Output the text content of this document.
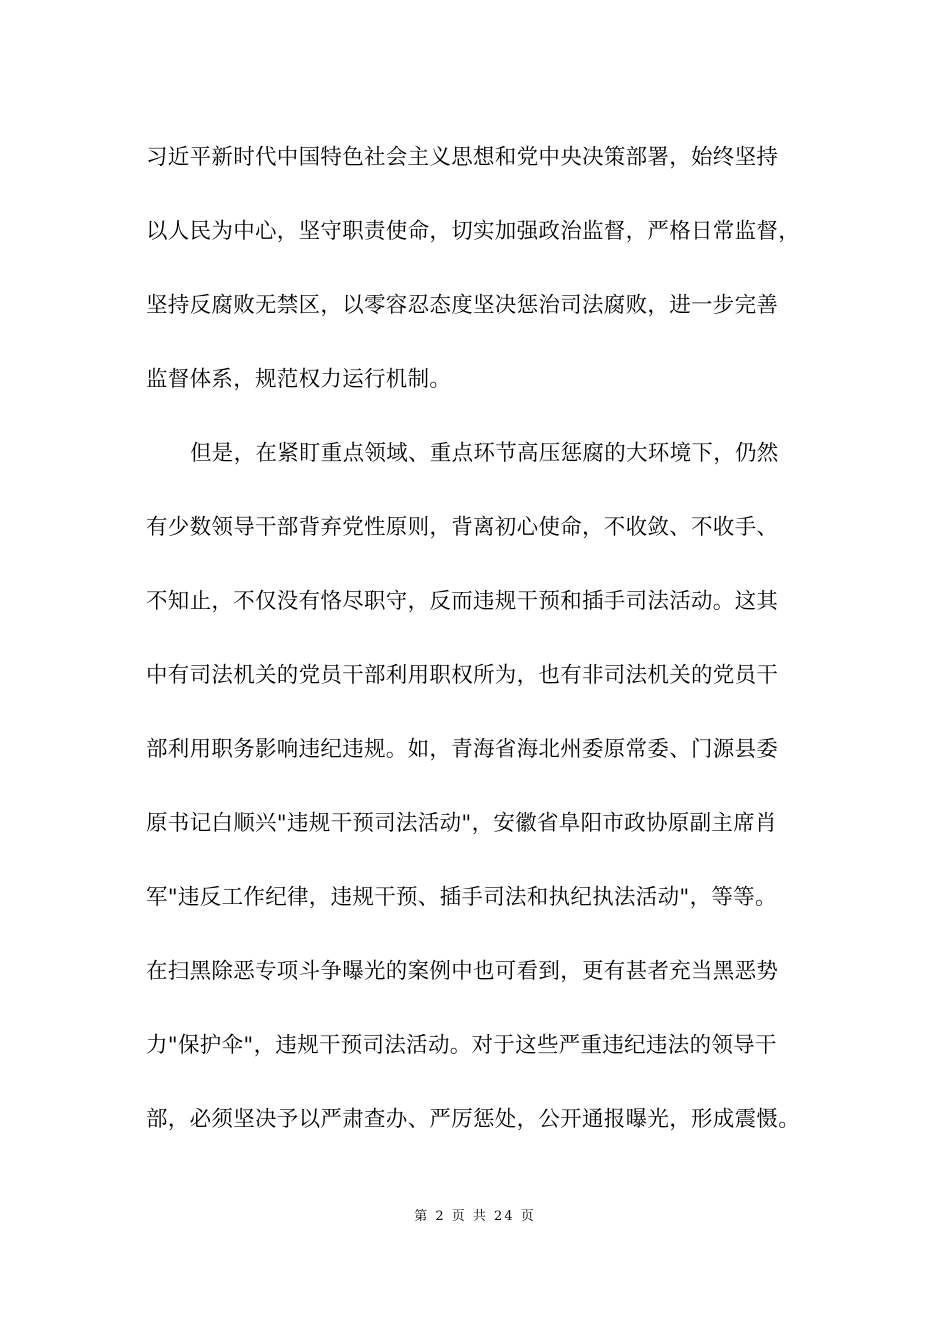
习近平新时代中国特色社会主义思想和党中央决策部署，始终坚持
以人民为中心，坚守职责使命，切实加强政治监督，严格日常监督，
坚持反腐败无禁区，以零容忍态度坚决惩治司法腐败，进一步完善
监督体系，规范权力运行机制。
但是，在紧盯重点领域、重点环节高压惩腐的大环境下，仍然
有少数领导干部背弃党性原则，背离初心使命，不收敛、不收手、
不知止，不仅没有恪尽职守，反而违规干预和插手司法活动。这其
中有司法机关的党员干部利用职权所为，也有非司法机关的党员干
部利用职务影响违纪违规。如，青海省海北州委原常委、门源县委
原书记白顺兴"违规干预司法活动"，安徽省阜阳市政协原副主席肖
军"违反工作纪律，违规干预、插手司法和执纪执法活动"，等等。
在扫黑除恶专项斗争曝光的案例中也可看到，更有甚者充当黑恶势
力"保护伞"，违规干预司法活动。对于这些严重违纪违法的领导干
部，必须坚决予以严肃查办、严厉惩处，公开通报曝光，形成震慑。
第 2 页 共 24 页
